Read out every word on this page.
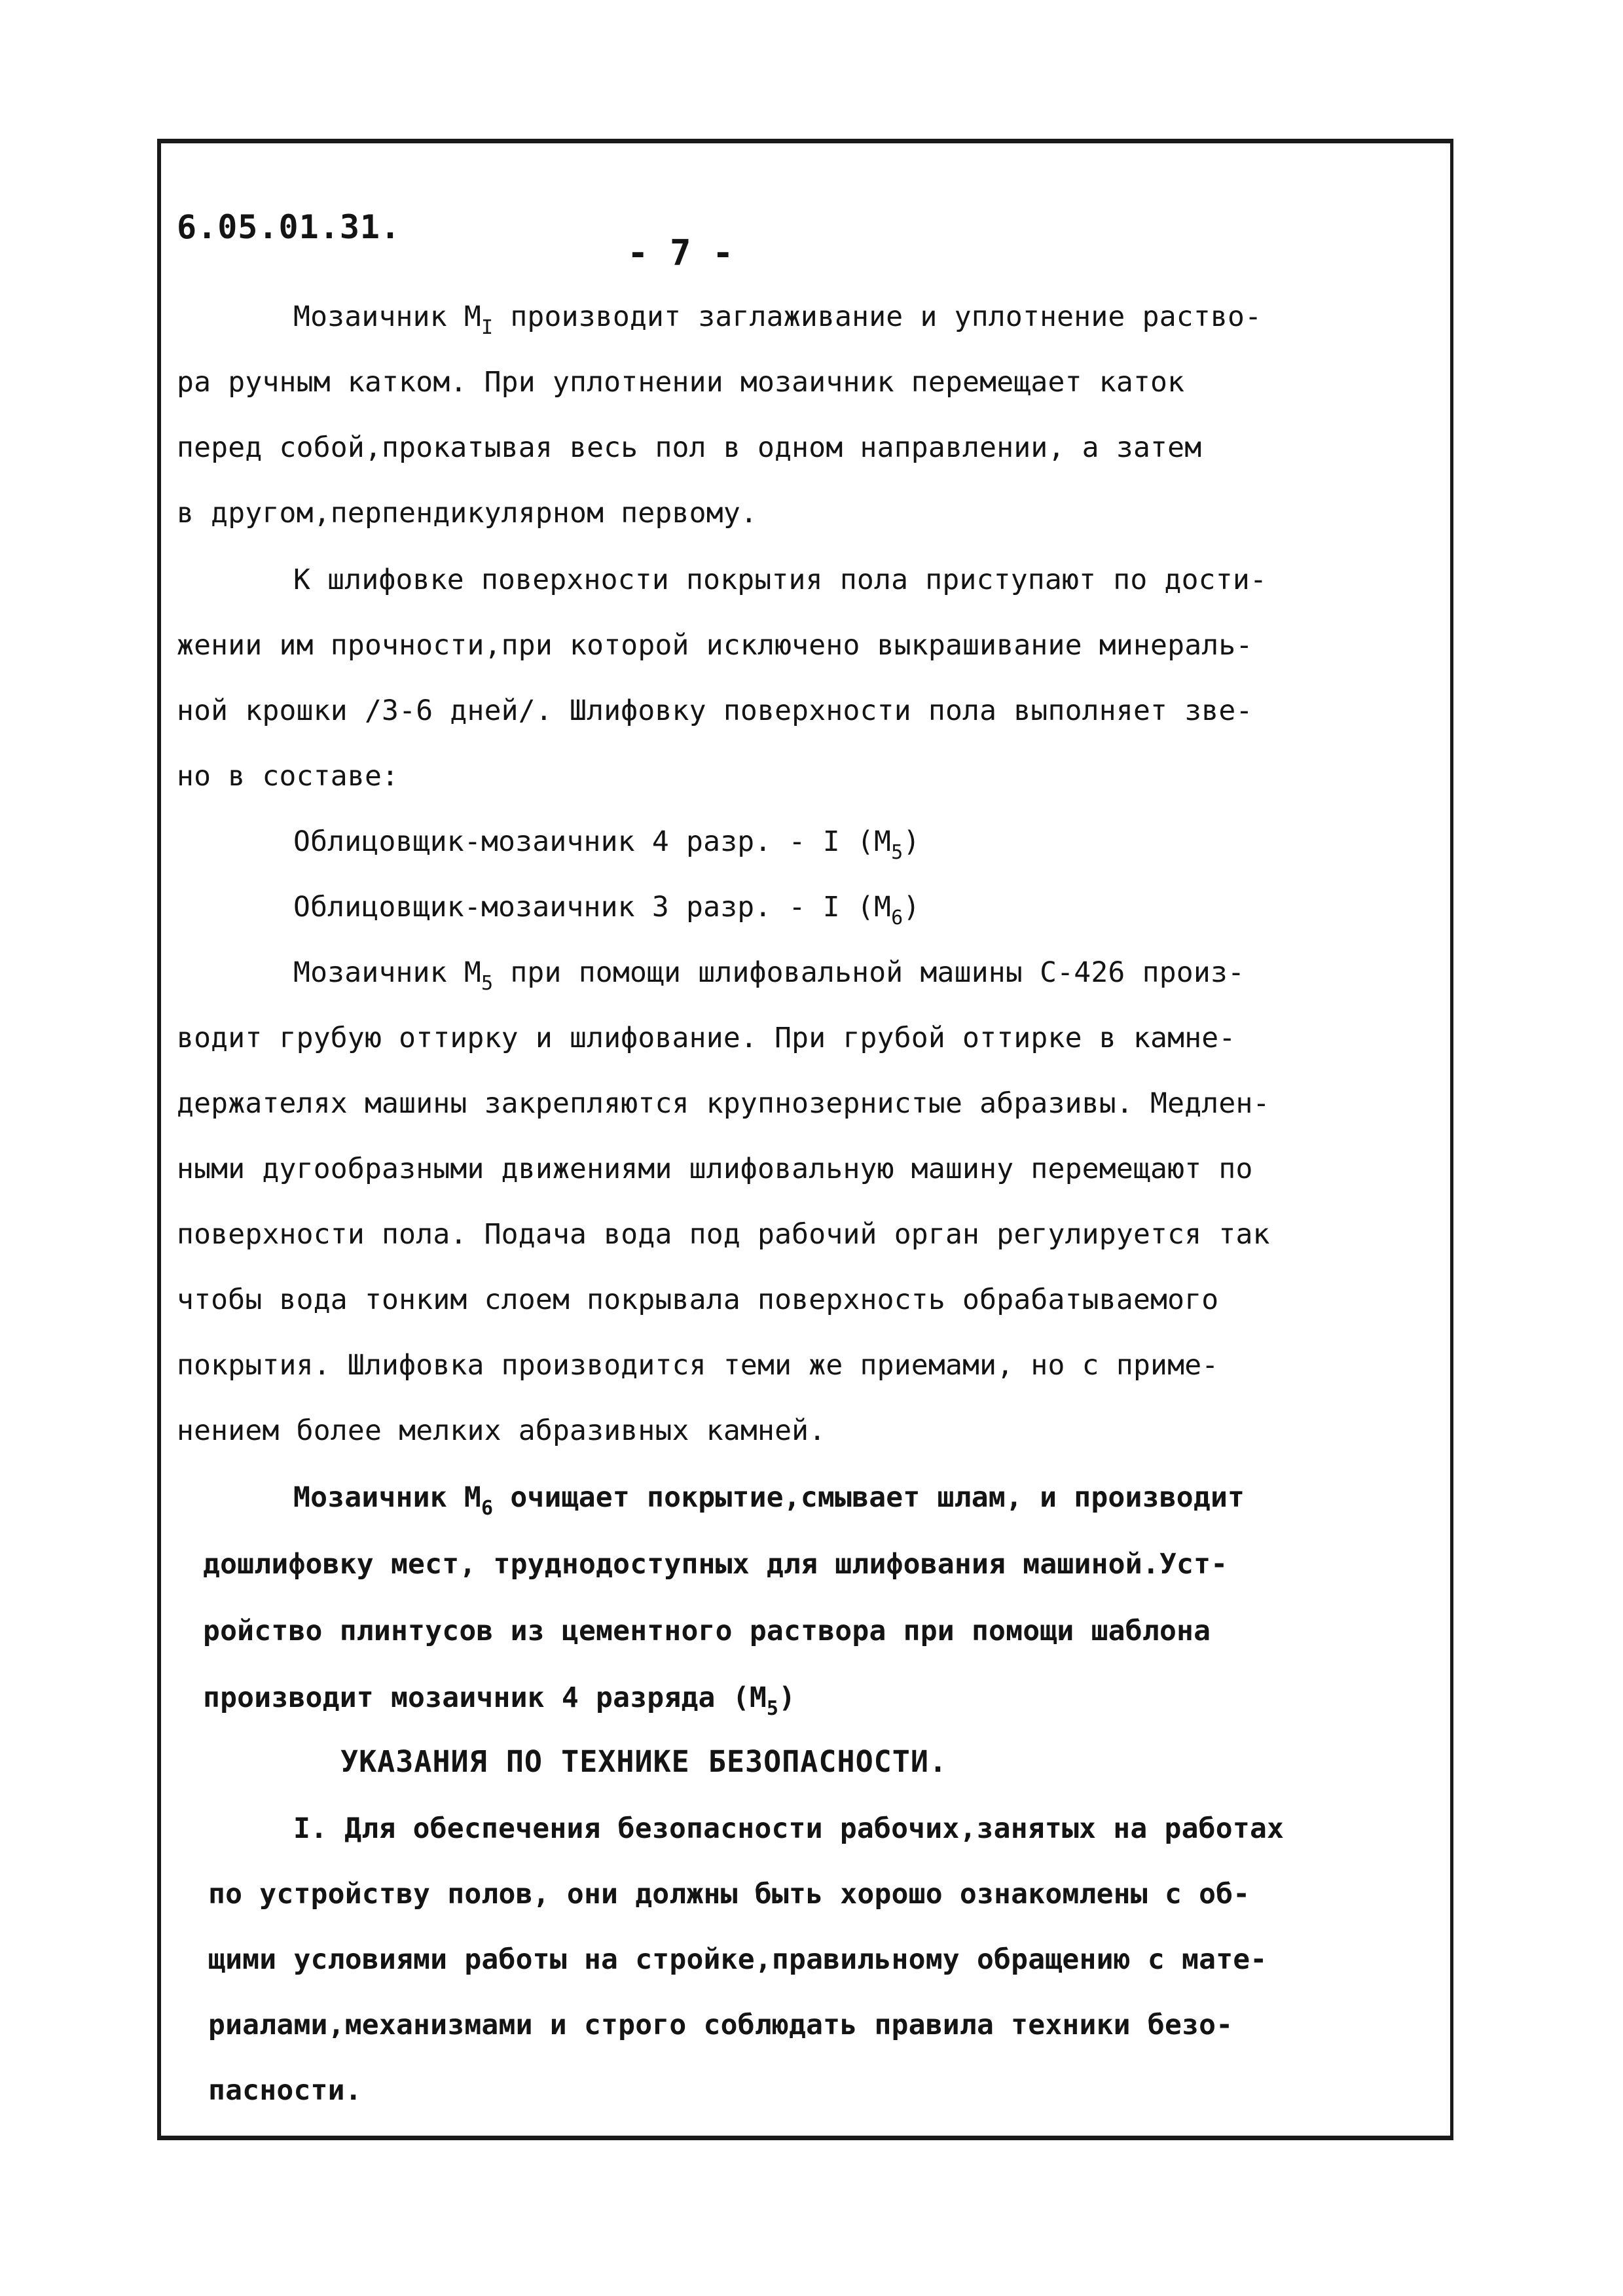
6.05.01.31.

- 7 -

Мозаичник $М_I$ производит заглаживание и уплотнение раство-

ра ручным катком. При уплотнении мозаичник перемещает каток

перед собой,прокатывая весь пол в одном направлении, а затем

в другом,перпендикулярном первому.

К шлифовке поверхности покрытия пола приступают по дости-

жении им прочности,при которой исключено выкрашивание минераль-

ной крошки /3-6 дней/. Шлифовку поверхности пола выполняет зве-

но в составе:

Облицовщик-мозаичник 4 разр. - I $(М_5)$

Облицовщик-мозаичник 3 разр. - I $(М_6)$

Мозаичник $М_5$ при помощи шлифовальной машины С-426 произ-

водит грубую оттирку и шлифование. При грубой оттирке в камне-

держателях машины закрепляются крупнозернистые абразивы. Медлен-

ными дугообразными движениями шлифовальную машину перемещают по

поверхности пола. Подача вода под рабочий орган регулируется так

чтобы вода тонким слоем покрывала поверхность обрабатываемого

покрытия. Шлифовка производится теми же приемами, но с приме-

нением более мелких абразивных камней.

Мозаичник $М_6$ очищает покрытие,смывает шлам, и производит

дошлифовку мест, труднодоступных для шлифования машиной.Уст-

ройство плинтусов из цементного раствора при помощи шаблона

производит мозаичник 4 разряда $(М_5)$

УКАЗАНИЯ ПО ТЕХНИКЕ БЕЗОПАСНОСТИ.

I. Для обеспечения безопасности рабочих,занятых на работах

по устройству полов, они должны быть хорошо ознакомлены с об-

щими условиями работы на стройке,правильному обращению с мате-

риалами,механизмами и строго соблюдать правила техники безо-

пасности.
